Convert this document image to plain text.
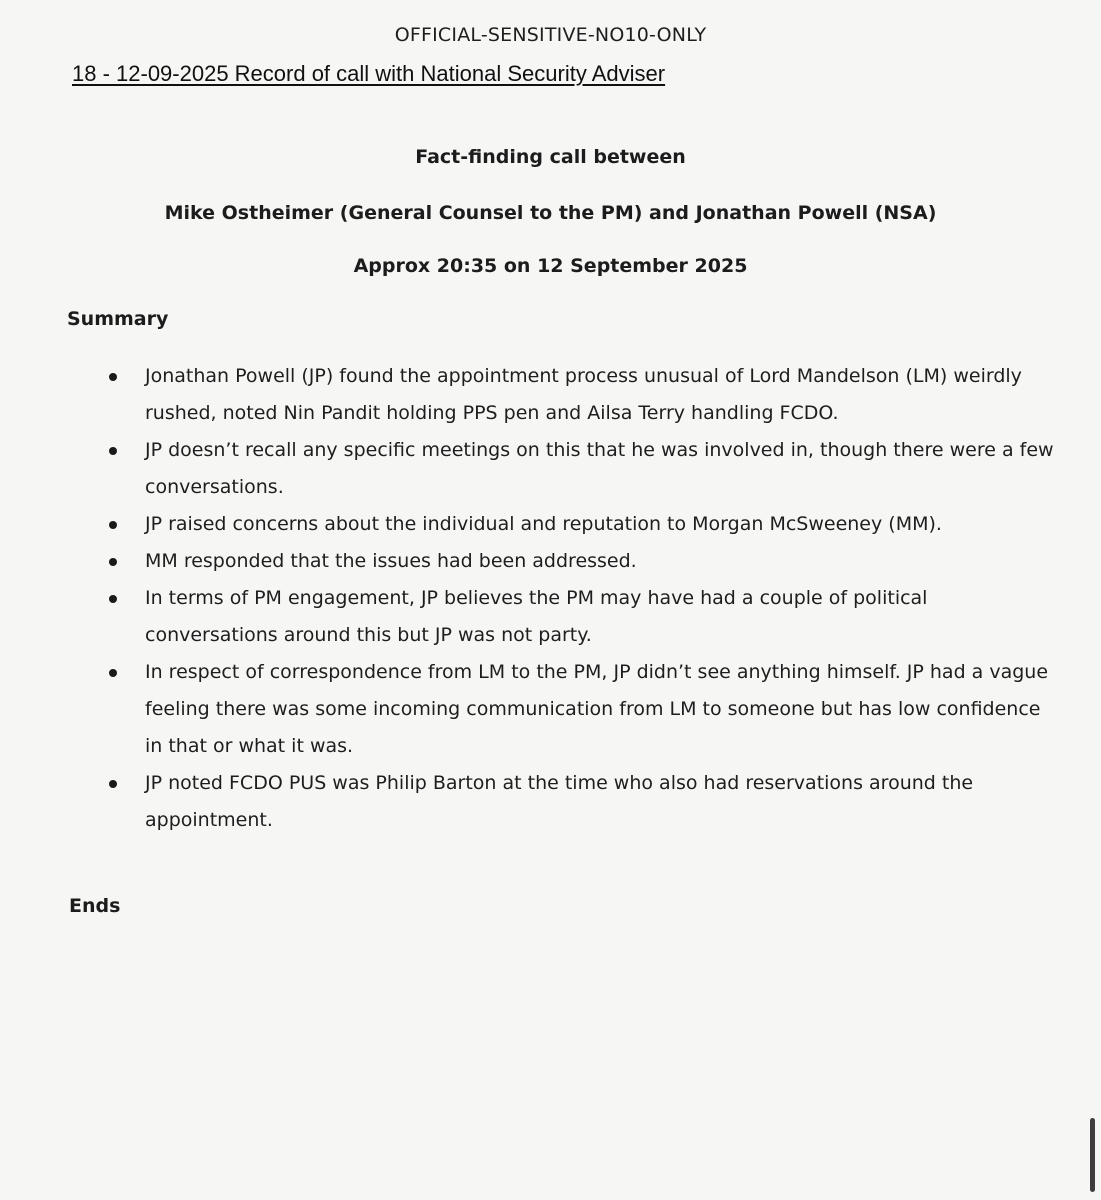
OFFICIAL-SENSITIVE-NO10-ONLY
18 - 12-09-2025 Record of call with National Security Adviser
Fact-finding call between
Mike Ostheimer (General Counsel to the PM) and Jonathan Powell (NSA)
Approx 20:35 on 12 September 2025
Summary
Jonathan Powell (JP) found the appointment process unusual of Lord Mandelson (LM) weirdly rushed, noted Nin Pandit holding PPS pen and Ailsa Terry handling FCDO.
JP doesn’t recall any specific meetings on this that he was involved in, though there were a few conversations.
JP raised concerns about the individual and reputation to Morgan McSweeney (MM).
MM responded that the issues had been addressed.
In terms of PM engagement, JP believes the PM may have had a couple of political conversations around this but JP was not party.
In respect of correspondence from LM to the PM, JP didn’t see anything himself. JP had a vague feeling there was some incoming communication from LM to someone but has low confidence in that or what it was.
JP noted FCDO PUS was Philip Barton at the time who also had reservations around the appointment.
Ends
